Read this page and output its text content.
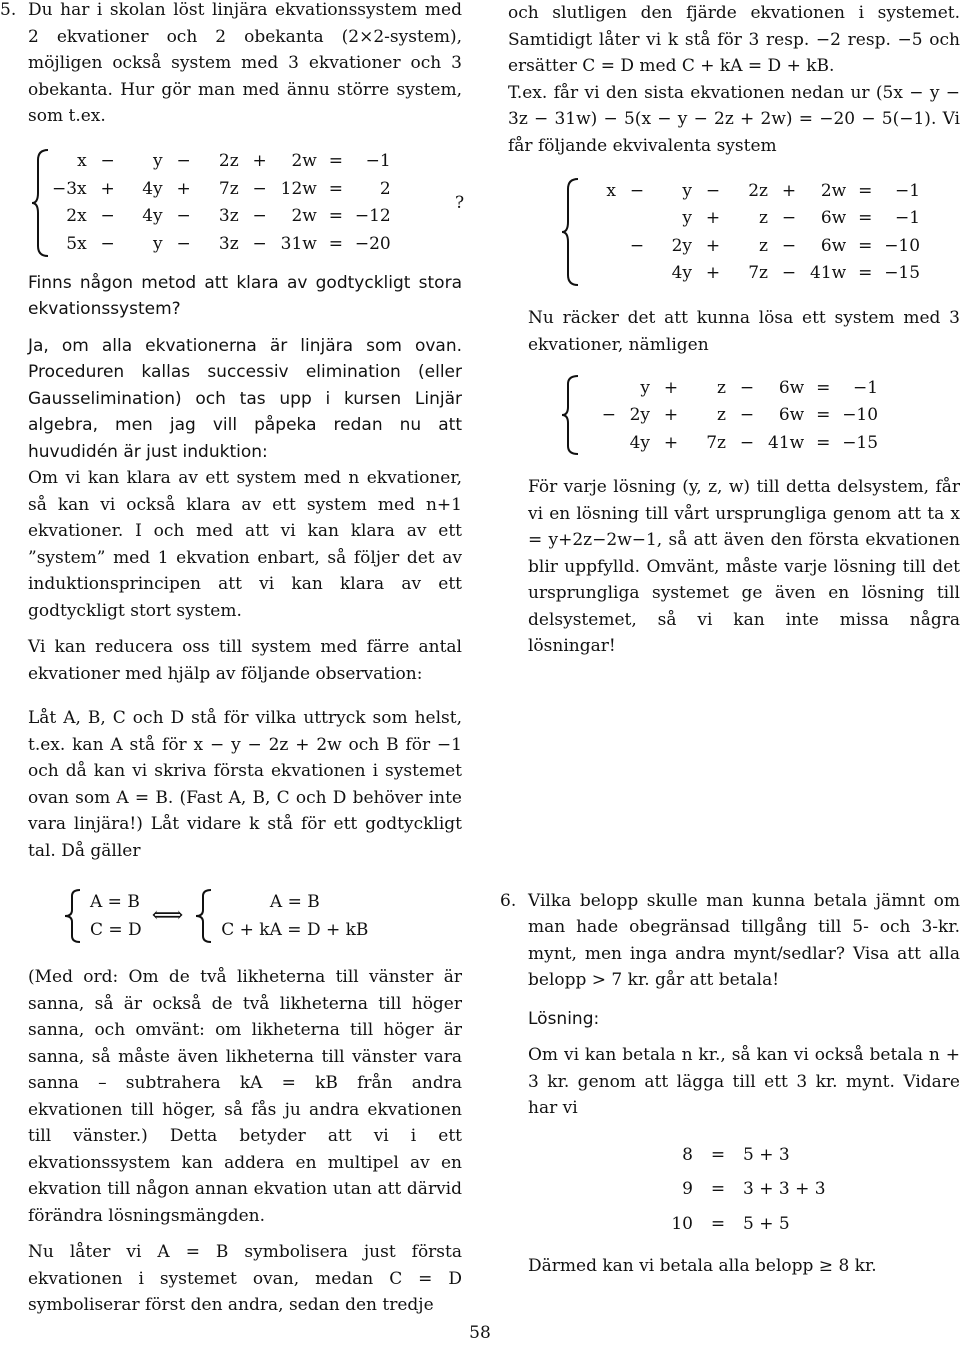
5. Du har i skolan löst linjära ekvationssystem med 2 ekvationer och 2 obekanta (2×2-system), möjligen också system med 3 ekvationer och 3 obekanta. Hur gör man med ännu större system, som t.ex.

x	−	y	−	2z	+	2w	=	−1
−3x	+	4y	+	7z	−	12w	=	2
2x	−	4y	−	3z	−	2w	=	−12
5x	−	y	−	3z	−	31w	=	−20
?

Finns någon metod att klara av godtyckligt stora ekvationssystem?

Ja, om alla ekvationerna är linjära som ovan. Proceduren kallas successiv elimination (eller Gausselimination) och tas upp i kursen Linjär algebra, men jag vill påpeka redan nu att huvudidén är just induktion:

Om vi kan klara av ett system med n ekvationer, så kan vi också klara av ett system med n+1 ekvationer. I och med att vi kan klara av ett ”system” med 1 ekvation enbart, så följer det av induktionsprincipen att vi kan klara av ett godtyckligt stort system.

Vi kan reducera oss till system med färre antal ekvationer med hjälp av följande observation:

Låt A, B, C och D stå för vilka uttryck som helst, t.ex. kan A stå för x − y − 2z + 2w och B för −1 och då kan vi skriva första ekvationen i systemet ovan som A = B. (Fast A, B, C och D behöver inte vara linjära!) Låt vidare k stå för ett godtyckligt tal. Då gäller

A = B
C = D
⟺
A = B
C + kA = D + kB

(Med ord: Om de två likheterna till vänster är sanna, så är också de två likheterna till höger sanna, och omvänt: om likheterna till höger är sanna, så måste även likheterna till vänster vara sanna – subtrahera kA = kB från andra ekvationen till höger, så fås ju andra ekvationen till vänster.) Detta betyder att vi i ett ekvationssystem kan addera en multipel av en ekvation till någon annan ekvation utan att därvid förändra lösningsmängden.

Nu låter vi A = B symbolisera just första ekvationen i systemet ovan, medan C = D symboliserar först den andra, sedan den tredje

och slutligen den fjärde ekvationen i systemet. Samtidigt låter vi k stå för 3 resp. −2 resp. −5 och ersätter C = D med C + kA = D + kB.

T.ex. får vi den sista ekvationen nedan ur (5x − y − 3z − 31w) − 5(x − y − 2z + 2w) = −20 − 5(−1). Vi får följande ekvivalenta system

x	−	y	−	2z	+	2w	=	−1
		y	+	z	−	6w	=	−1
	−	2y	+	z	−	6w	=	−10
		4y	+	7z	−	41w	=	−15

Nu räcker det att kunna lösa ett system med 3 ekvationer, nämligen

	y	+	z	−	6w	=	−1
−	2y	+	z	−	6w	=	−10
	4y	+	7z	−	41w	=	−15

För varje lösning (y, z, w) till detta delsystem, får vi en lösning till vårt ursprungliga genom att ta x = y+2z−2w−1, så att även den första ekvationen blir uppfylld. Omvänt, måste varje lösning till det ursprungliga systemet ge även en lösning till delsystemet, så vi kan inte missa några lösningar!

6. Vilka belopp skulle man kunna betala jämnt om man hade obegränsad tillgång till 5- och 3-kr. mynt, men inga andra mynt/sedlar? Visa att alla belopp > 7 kr. går att betala!

Lösning:

Om vi kan betala n kr., så kan vi också betala n + 3 kr. genom att lägga till ett 3 kr. mynt. Vidare har vi

8	=	5 + 3
9	=	3 + 3 + 3
10	=	5 + 5

Därmed kan vi betala alla belopp ≥ 8 kr.

58
